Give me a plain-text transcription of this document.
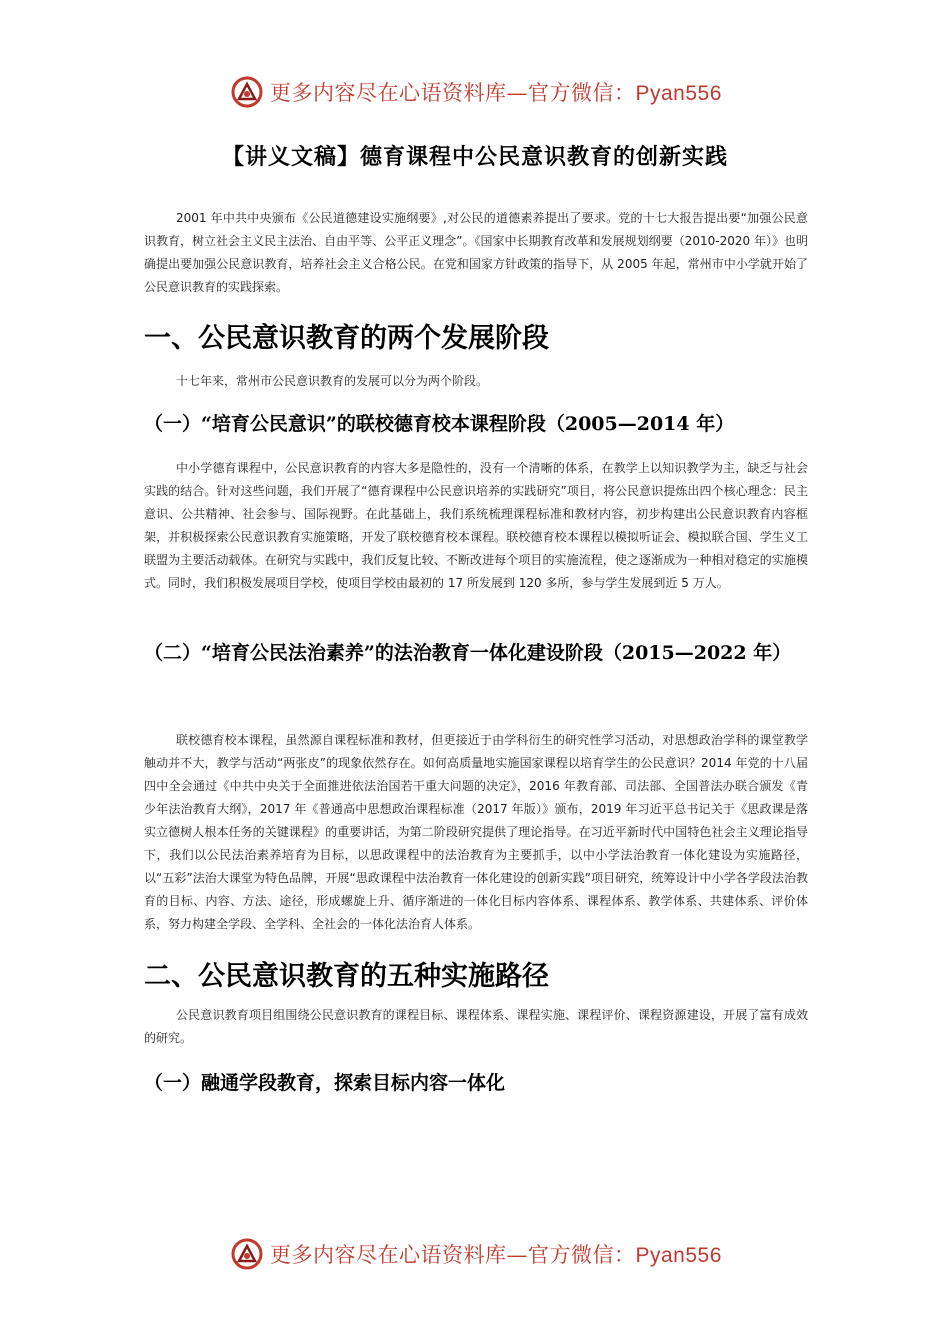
更多内容尽在心语资料库—官方微信：Pyan556
【讲义文稿】德育课程中公民意识教育的创新实践

2001 年中共中央颁布《公民道德建设实施纲要》,对公民的道德素养提出了要求。党的十七大报告提出要“加强公民意识教育，树立社会主义民主法治、自由平等、公平正义理念”。《国家中长期教育改革和发展规划纲要（2010-2020 年）》也明确提出要加强公民意识教育，培养社会主义合格公民。在党和国家方针政策的指导下，从 2005 年起，常州市中小学就开始了公民意识教育的实践探索。

一、公民意识教育的两个发展阶段

十七年来，常州市公民意识教育的发展可以分为两个阶段。

（一）“培育公民意识”的联校德育校本课程阶段（2005—2014 年）

中小学德育课程中，公民意识教育的内容大多是隐性的，没有一个清晰的体系，在教学上以知识教学为主，缺乏与社会实践的结合。针对这些问题，我们开展了“德育课程中公民意识培养的实践研究”项目，将公民意识提炼出四个核心理念：民主意识、公共精神、社会参与、国际视野。在此基础上，我们系统梳理课程标准和教材内容，初步构建出公民意识教育内容框架，并积极探索公民意识教育实施策略，开发了联校德育校本课程。联校德育校本课程以模拟听证会、模拟联合国、学生义工联盟为主要活动载体。在研究与实践中，我们反复比较、不断改进每个项目的实施流程，使之逐渐成为一种相对稳定的实施模式。同时，我们积极发展项目学校，使项目学校由最初的 17 所发展到 120 多所，参与学生发展到近 5 万人。

（二）“培育公民法治素养”的法治教育一体化建设阶段（2015—2022 年）

联校德育校本课程，虽然源自课程标准和教材，但更接近于由学科衍生的研究性学习活动，对思想政治学科的课堂教学触动并不大，教学与活动“两张皮”的现象依然存在。如何高质量地实施国家课程以培育学生的公民意识？2014 年党的十八届四中全会通过《中共中央关于全面推进依法治国若干重大问题的决定》，2016 年教育部、司法部、全国普法办联合颁发《青少年法治教育大纲》，2017 年《普通高中思想政治课程标准（2017 年版）》颁布，2019 年习近平总书记关于《思政课是落实立德树人根本任务的关键课程》的重要讲话，为第二阶段研究提供了理论指导。在习近平新时代中国特色社会主义理论指导下，我们以公民法治素养培育为目标，以思政课程中的法治教育为主要抓手，以中小学法治教育一体化建设为实施路径，以“五彩”法治大课堂为特色品牌，开展“思政课程中法治教育一体化建设的创新实践”项目研究，统筹设计中小学各学段法治教育的目标、内容、方法、途径，形成螺旋上升、循序渐进的一体化目标内容体系、课程体系、教学体系、共建体系、评价体系，努力构建全学段、全学科、全社会的一体化法治育人体系。

二、公民意识教育的五种实施路径

公民意识教育项目组围绕公民意识教育的课程目标、课程体系、课程实施、课程评价、课程资源建设，开展了富有成效的研究。

（一）融通学段教育，探索目标内容一体化
更多内容尽在心语资料库—官方微信：Pyan556
